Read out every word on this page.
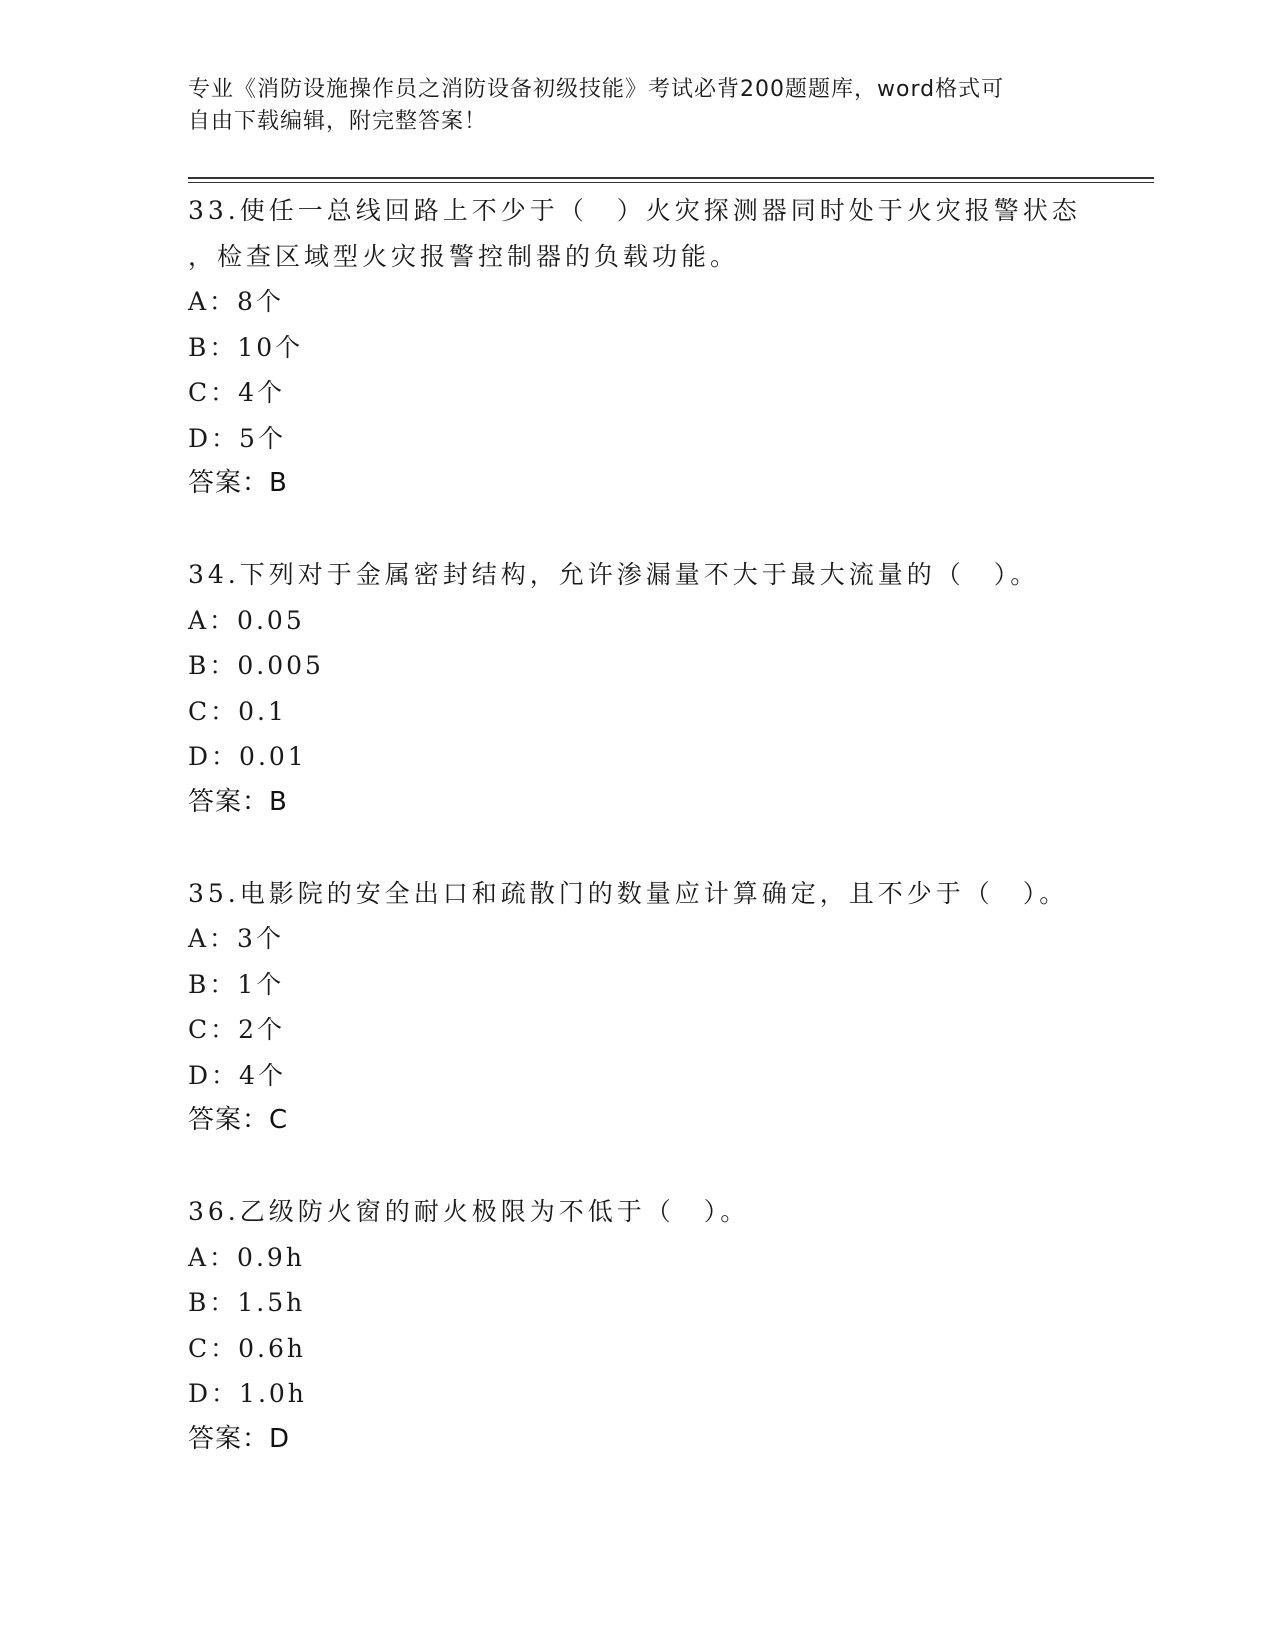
专业《消防设施操作员之消防设备初级技能》考试必背200题题库，word格式可
自由下载编辑，附完整答案！
33.使任一总线回路上不少于（　）火灾探测器同时处于火灾报警状态
，检查区域型火灾报警控制器的负载功能。
A：8个
B：10个
C：4个
D：5个
答案：B
34.下列对于金属密封结构，允许渗漏量不大于最大流量的（　）。
A：0.05
B：0.005
C：0.1
D：0.01
答案：B
35.电影院的安全出口和疏散门的数量应计算确定，且不少于（　）。
A：3个
B：1个
C：2个
D：4个
答案：C
36.乙级防火窗的耐火极限为不低于（　）。
A：0.9h
B：1.5h
C：0.6h
D：1.0h
答案：D
